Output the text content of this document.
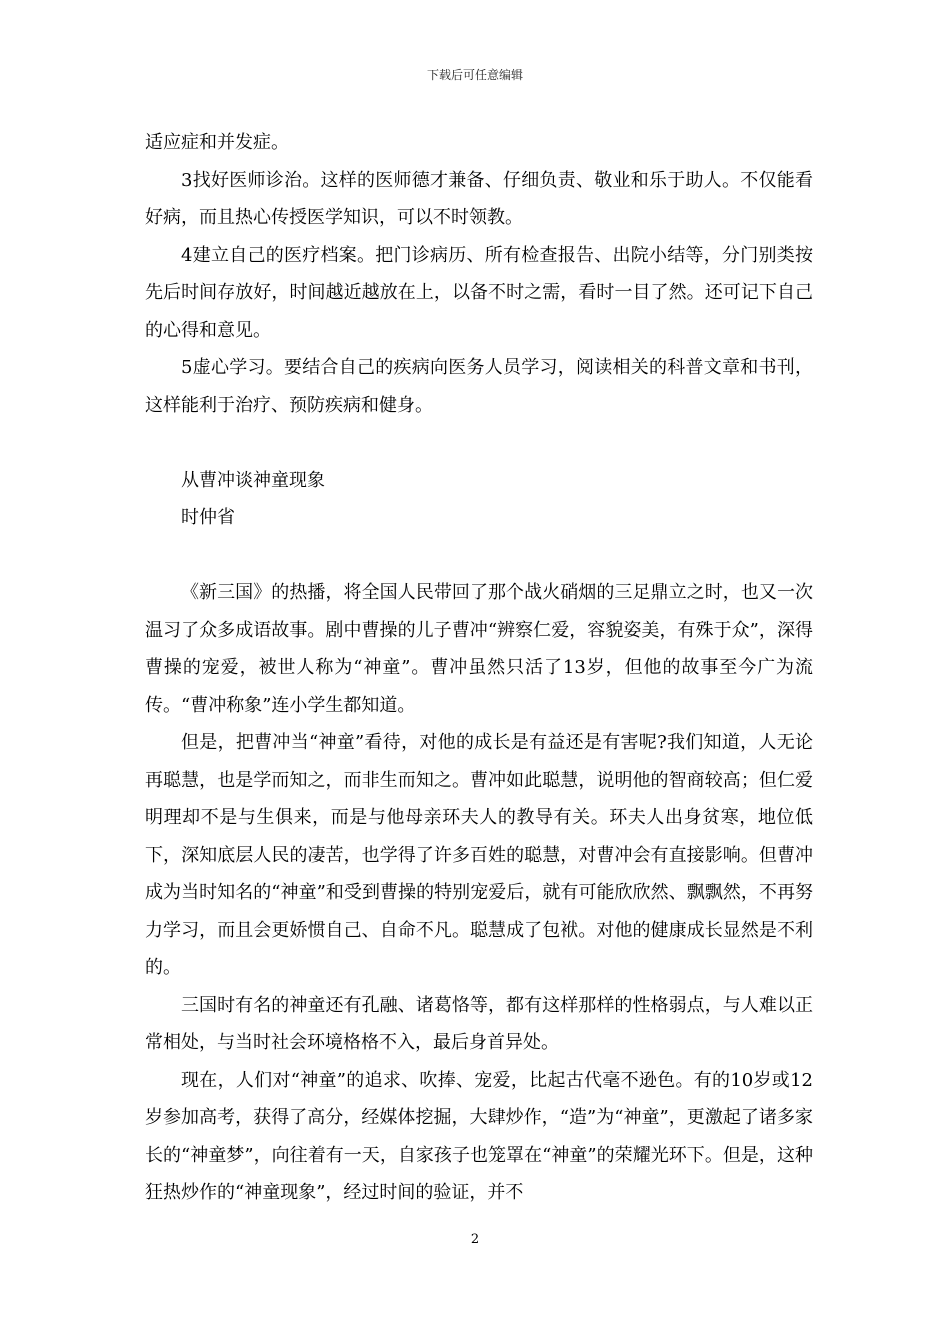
下载后可任意编辑

适应症和并发症。

3找好医师诊治。这样的医师德才兼备、仔细负责、敬业和乐于助人。不仅能看好病，而且热心传授医学知识，可以不时领教。

4建立自己的医疗档案。把门诊病历、所有检查报告、出院小结等，分门别类按先后时间存放好，时间越近越放在上，以备不时之需，看时一目了然。还可记下自己的心得和意见。

5虚心学习。要结合自己的疾病向医务人员学习，阅读相关的科普文章和书刊，这样能利于治疗、预防疾病和健身。

从曹冲谈神童现象

时仲省

《新三国》的热播，将全国人民带回了那个战火硝烟的三足鼎立之时，也又一次温习了众多成语故事。剧中曹操的儿子曹冲“辨察仁爱，容貌姿美，有殊于众”，深得曹操的宠爱，被世人称为“神童”。曹冲虽然只活了13岁，但他的故事至今广为流传。“曹冲称象”连小学生都知道。

但是，把曹冲当“神童”看待，对他的成长是有益还是有害呢?我们知道，人无论再聪慧，也是学而知之，而非生而知之。曹冲如此聪慧，说明他的智商较高；但仁爱明理却不是与生俱来，而是与他母亲环夫人的教导有关。环夫人出身贫寒，地位低下，深知底层人民的凄苦，也学得了许多百姓的聪慧，对曹冲会有直接影响。但曹冲成为当时知名的“神童”和受到曹操的特别宠爱后，就有可能欣欣然、飘飘然，不再努力学习，而且会更娇惯自己、自命不凡。聪慧成了包袱。对他的健康成长显然是不利的。

三国时有名的神童还有孔融、诸葛恪等，都有这样那样的性格弱点，与人难以正常相处，与当时社会环境格格不入，最后身首异处。

现在，人们对“神童”的追求、吹捧、宠爱，比起古代毫不逊色。有的10岁或12岁参加高考，获得了高分，经媒体挖掘，大肆炒作，“造”为“神童”，更激起了诸多家长的“神童梦”，向往着有一天，自家孩子也笼罩在“神童”的荣耀光环下。但是，这种狂热炒作的“神童现象”，经过时间的验证，并不

2
